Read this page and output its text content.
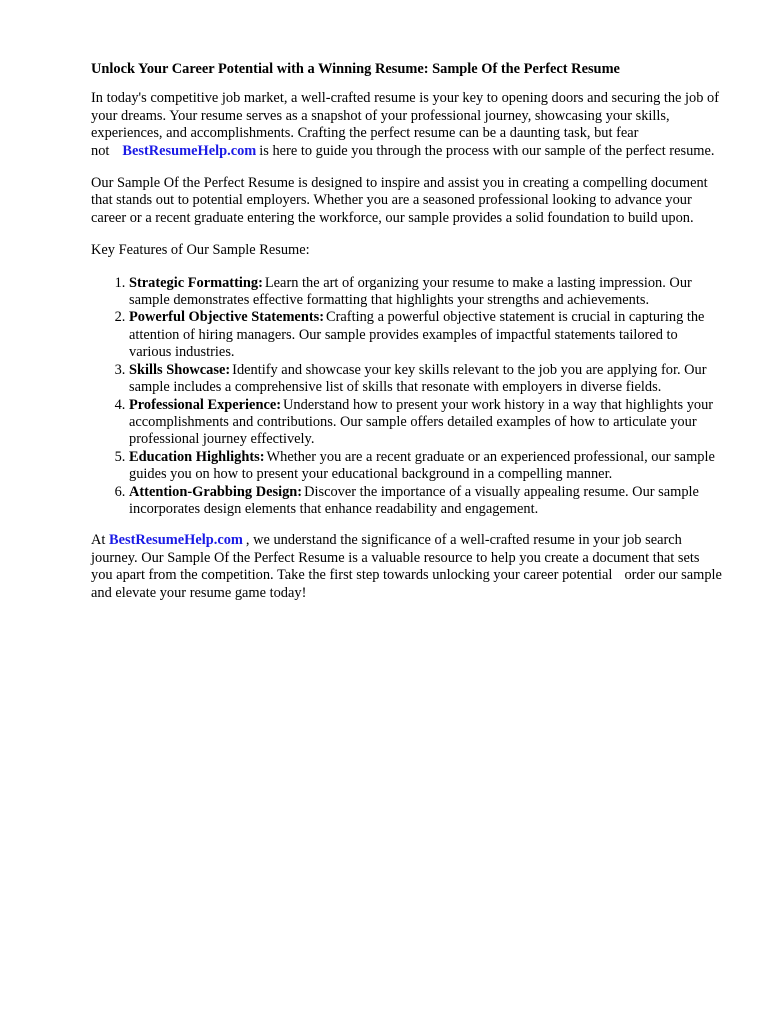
Unlock Your Career Potential with a Winning Resume: Sample Of the Perfect Resume

In today's competitive job market, a well-crafted resume is your key to opening doors and securing the job of your dreams. Your resume serves as a snapshot of your professional journey, showcasing your skills, experiences, and accomplishments. Crafting the perfect resume can be a daunting task, but fear not BestResumeHelp.com is here to guide you through the process with our sample of the perfect resume.

Our Sample Of the Perfect Resume is designed to inspire and assist you in creating a compelling document that stands out to potential employers. Whether you are a seasoned professional looking to advance your career or a recent graduate entering the workforce, our sample provides a solid foundation to build upon.

Key Features of Our Sample Resume:

1. Strategic Formatting: Learn the art of organizing your resume to make a lasting impression. Our sample demonstrates effective formatting that highlights your strengths and achievements.
2. Powerful Objective Statements: Crafting a powerful objective statement is crucial in capturing the attention of hiring managers. Our sample provides examples of impactful statements tailored to various industries.
3. Skills Showcase: Identify and showcase your key skills relevant to the job you are applying for. Our sample includes a comprehensive list of skills that resonate with employers in diverse fields.
4. Professional Experience: Understand how to present your work history in a way that highlights your accomplishments and contributions. Our sample offers detailed examples of how to articulate your professional journey effectively.
5. Education Highlights: Whether you are a recent graduate or an experienced professional, our sample guides you on how to present your educational background in a compelling manner.
6. Attention-Grabbing Design: Discover the importance of a visually appealing resume. Our sample incorporates design elements that enhance readability and engagement.

At BestResumeHelp.com , we understand the significance of a well-crafted resume in your job search journey. Our Sample Of the Perfect Resume is a valuable resource to help you create a document that sets you apart from the competition. Take the first step towards unlocking your career potential order our sample and elevate your resume game today!
